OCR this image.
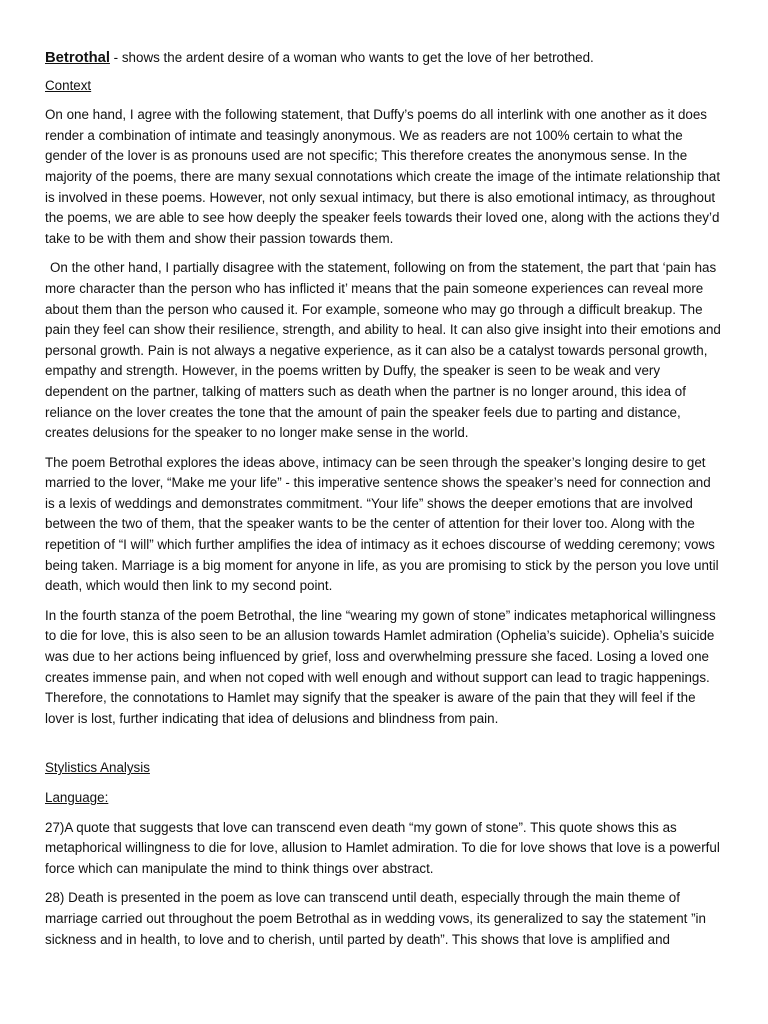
Betrothal - shows the ardent desire of a woman who wants to get the love of her betrothed.

Context

On one hand, I agree with the following statement, that Duffy’s poems do all interlink with one another as it does render a combination of intimate and teasingly anonymous. We as readers are not 100% certain to what the gender of the lover is as pronouns used are not specific; This therefore creates the anonymous sense. In the majority of the poems, there are many sexual connotations which create the image of the intimate relationship that is involved in these poems. However, not only sexual intimacy, but there is also emotional intimacy, as throughout the poems, we are able to see how deeply the speaker feels towards their loved one, along with the actions they’d take to be with them and show their passion towards them.

On the other hand, I partially disagree with the statement, following on from the statement, the part that ‘pain has more character than the person who has inflicted it’ means that the pain someone experiences can reveal more about them than the person who caused it. For example, someone who may go through a difficult breakup. The pain they feel can show their resilience, strength, and ability to heal. It can also give insight into their emotions and personal growth. Pain is not always a negative experience, as it can also be a catalyst towards personal growth, empathy and strength. However, in the poems written by Duffy, the speaker is seen to be weak and very dependent on the partner, talking of matters such as death when the partner is no longer around, this idea of reliance on the lover creates the tone that the amount of pain the speaker feels due to parting and distance, creates delusions for the speaker to no longer make sense in the world.

The poem Betrothal explores the ideas above, intimacy can be seen through the speaker’s longing desire to get married to the lover, “Make me your life” - this imperative sentence shows the speaker’s need for connection and is a lexis of weddings and demonstrates commitment. “Your life” shows the deeper emotions that are involved between the two of them, that the speaker wants to be the center of attention for their lover too. Along with the repetition of “I will” which further amplifies the idea of intimacy as it echoes discourse of wedding ceremony; vows being taken. Marriage is a big moment for anyone in life, as you are promising to stick by the person you love until death, which would then link to my second point.

In the fourth stanza of the poem Betrothal, the line “wearing my gown of stone” indicates metaphorical willingness to die for love, this is also seen to be an allusion towards Hamlet admiration (Ophelia’s suicide). Ophelia’s suicide was due to her actions being influenced by grief, loss and overwhelming pressure she faced. Losing a loved one creates immense pain, and when not coped with well enough and without support can lead to tragic happenings. Therefore, the connotations to Hamlet may signify that the speaker is aware of the pain that they will feel if the lover is lost, further indicating that idea of delusions and blindness from pain.

Stylistics Analysis

Language:

27)A quote that suggests that love can transcend even death “my gown of stone”. This quote shows this as metaphorical willingness to die for love, allusion to Hamlet admiration. To die for love shows that love is a powerful force which can manipulate the mind to think things over abstract.

28) Death is presented in the poem as love can transcend until death, especially through the main theme of marriage carried out throughout the poem Betrothal as in wedding vows, its generalized to say the statement ”in sickness and in health, to love and to cherish, until parted by death”. This shows that love is amplified and
